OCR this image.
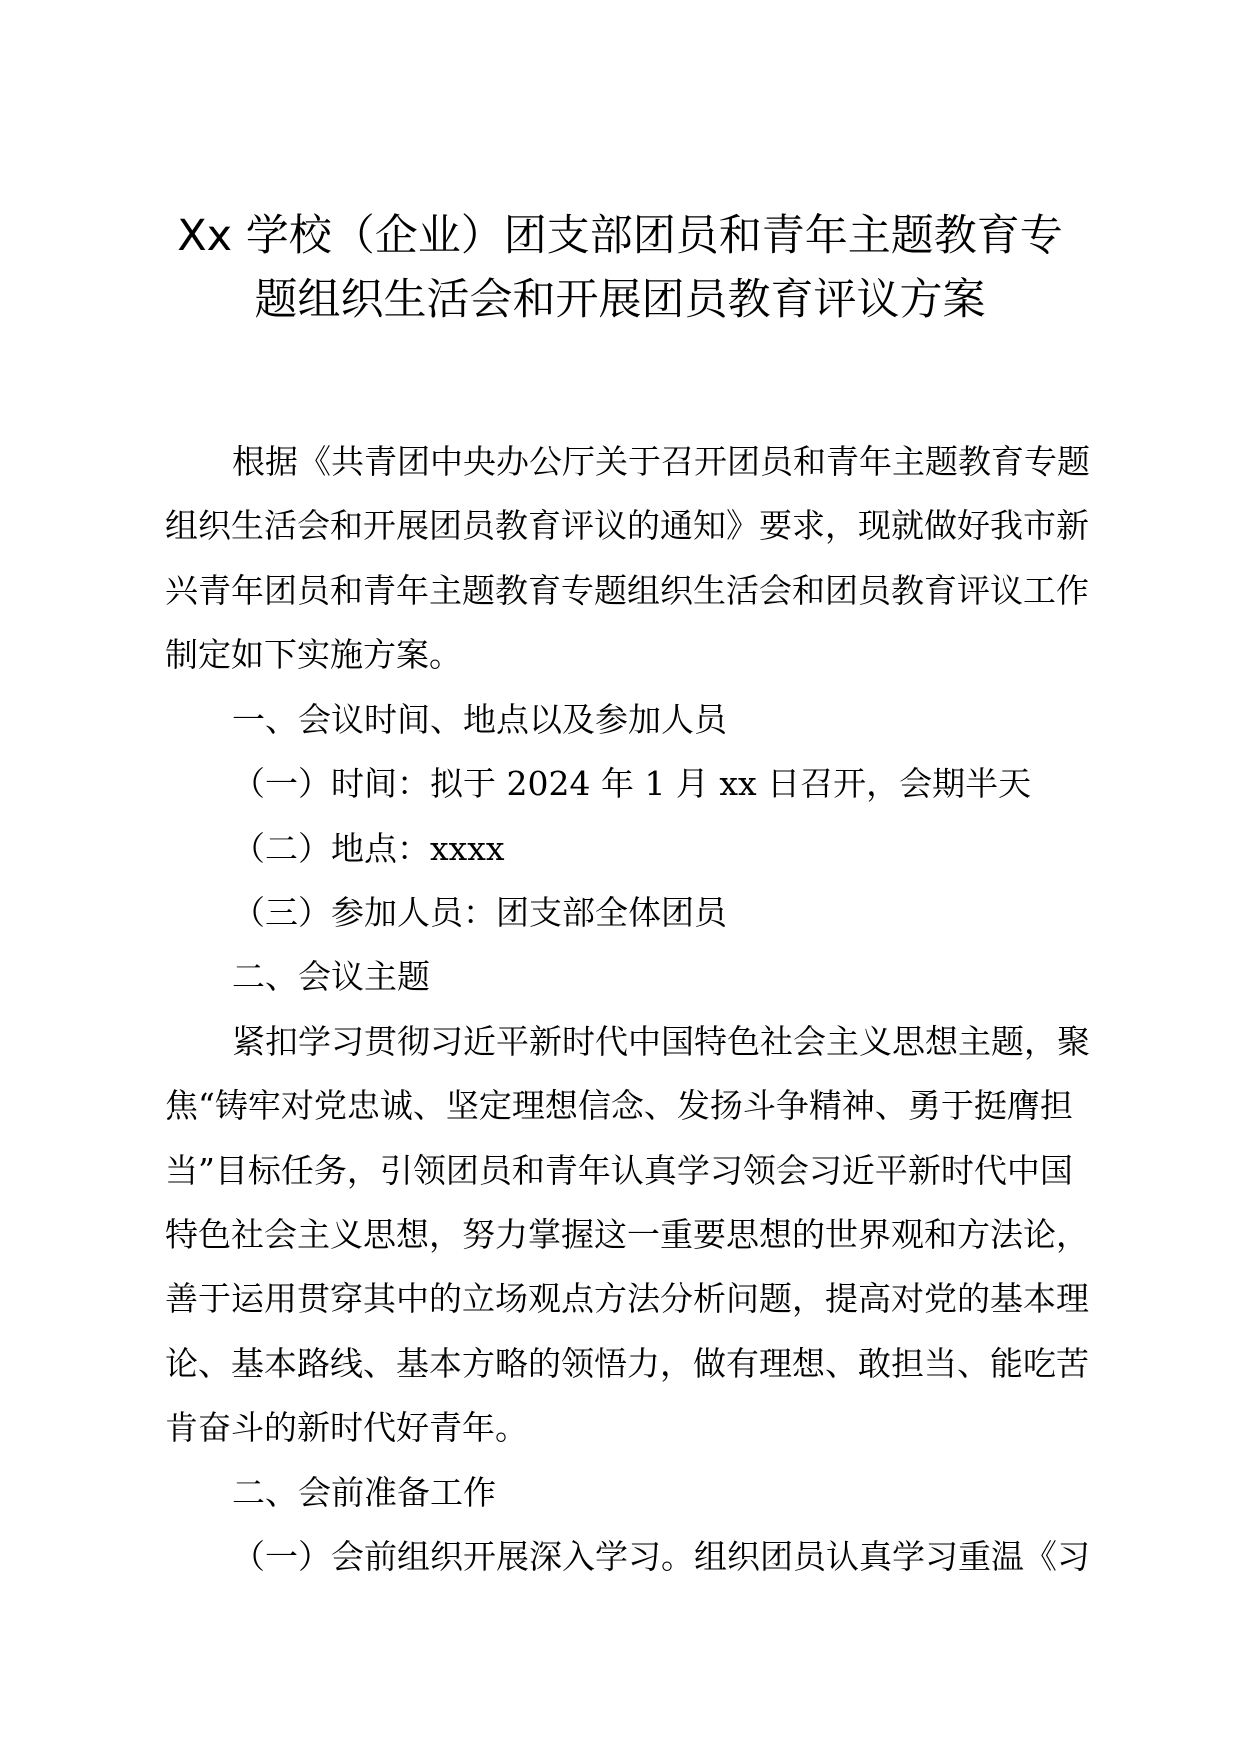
Xx 学校（企业）团支部团员和青年主题教育专
题组织生活会和开展团员教育评议方案
根据《共青团中央办公厅关于召开团员和青年主题教育专题
组织生活会和开展团员教育评议的通知》要求，现就做好我市新
兴青年团员和青年主题教育专题组织生活会和团员教育评议工作
制定如下实施方案。
一、会议时间、地点以及参加人员
（一）时间：拟于 2024 年 1 月 xx 日召开，会期半天
（二）地点：xxxx
（三）参加人员：团支部全体团员
二、会议主题
紧扣学习贯彻习近平新时代中国特色社会主义思想主题，聚
焦“铸牢对党忠诚、坚定理想信念、发扬斗争精神、勇于挺膺担
当”目标任务，引领团员和青年认真学习领会习近平新时代中国
特色社会主义思想，努力掌握这一重要思想的世界观和方法论，
善于运用贯穿其中的立场观点方法分析问题，提高对党的基本理
论、基本路线、基本方略的领悟力，做有理想、敢担当、能吃苦
肯奋斗的新时代好青年。
二、会前准备工作
（一）会前组织开展深入学习。组织团员认真学习重温《习
